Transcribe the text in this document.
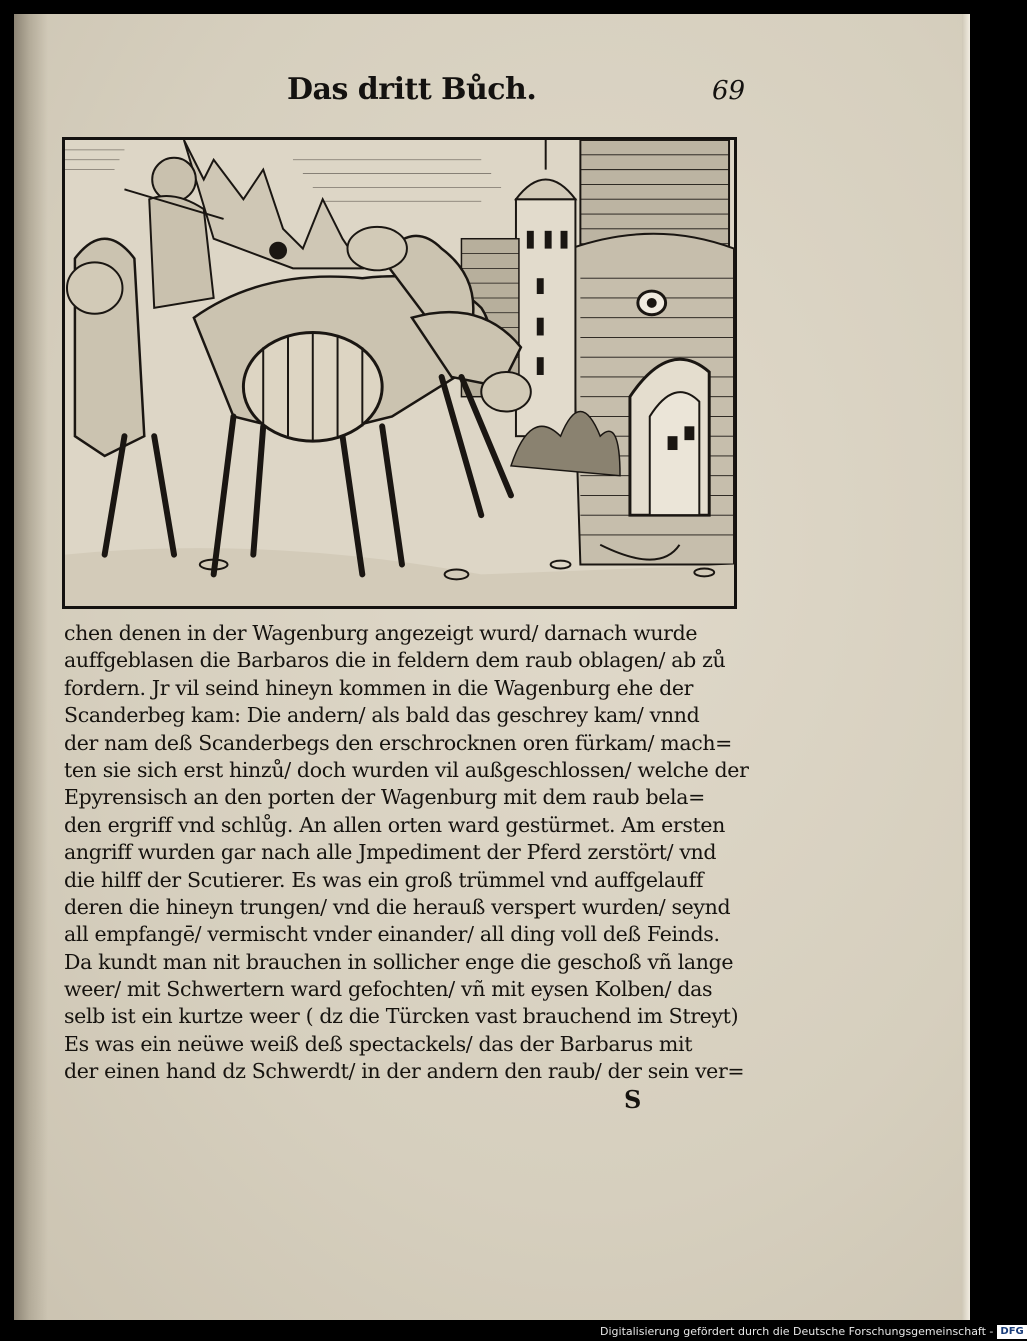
Das dritt Bůch.	69
chen denen in der Wagenburg angezeigt wurd/ darnach wurde
auffgeblasen die Barbaros die in feldern dem raub oblagen/ ab zů
fordern. Jr vil seind hineyn kommen in die Wagenburg ehe der
Scanderbeg kam: Die andern/ als bald das geschrey kam/ vnnd
der nam deß Scanderbegs den erschrocknen oren fürkam/ mach=
ten sie sich erst hinzů/ doch wurden vil außgeschlossen/ welche der
Epyrensisch an den porten der Wagenburg mit dem raub bela=
den ergriff vnd schlůg. An allen orten ward gestürmet. Am ersten
angriff wurden gar nach alle Jmpediment der Pferd zerstört/ vnd
die hilff der Scutierer. Es was ein groß trümmel vnd auffgelauff
deren die hineyn trungen/ vnd die herauß verspert wurden/ seynd
all empfangē/ vermischt vnder einander/ all ding voll deß Feinds.
Da kundt man nit brauchen in sollicher enge die geschoß vñ lange
weer/ mit Schwertern ward gefochten/ vñ mit eysen Kolben/ das
selb ist ein kurtze weer ( dz die Türcken vast brauchend im Streyt)
Es was ein neüwe weiß deß spectackels/ das der Barbarus mit
der einen hand dz Schwerdt/ in der andern den raub/ der sein ver=
S
Digitalisierung gefördert durch die Deutsche Forschungsgemeinschaft - DFG
